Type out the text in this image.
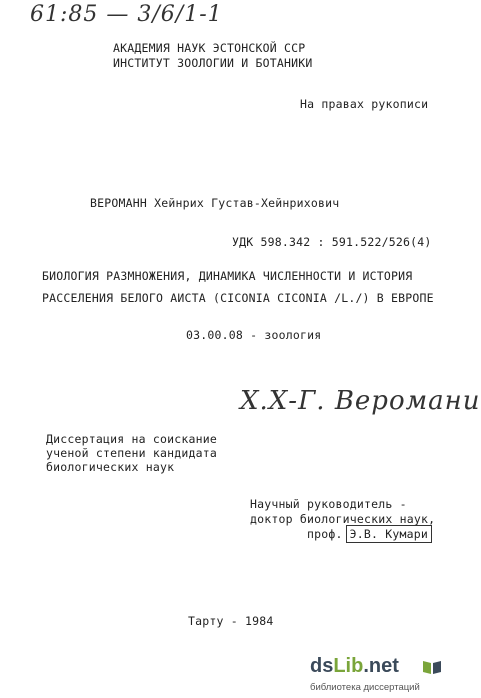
61:85 — 3/6/1-1
АКАДЕМИЯ НАУК ЭСТОНСКОЙ ССР
ИНСТИТУТ ЗООЛОГИИ И БОТАНИКИ
На правах рукописи
ВЕРОМАНН Хейнрих Густав-Хейнрихович
УДК 598.342 : 591.522/526(4)
БИОЛОГИЯ РАЗМНОЖЕНИЯ, ДИНАМИКА ЧИСЛЕННОСТИ И ИСТОРИЯ
РАССЕЛЕНИЯ БЕЛОГО АИСТА (CICONIA CICONIA /L./) В ЕВРОПЕ
03.00.08 - зоология
Х.Х-Г. Веромани
Диссертация на соискание
ученой степени кандидата
биологических наук
Научный руководитель -
доктор биологических наук,
проф. Э.В. Кумари
Тарту - 1984
dsLib.net
библиотека диссертаций
